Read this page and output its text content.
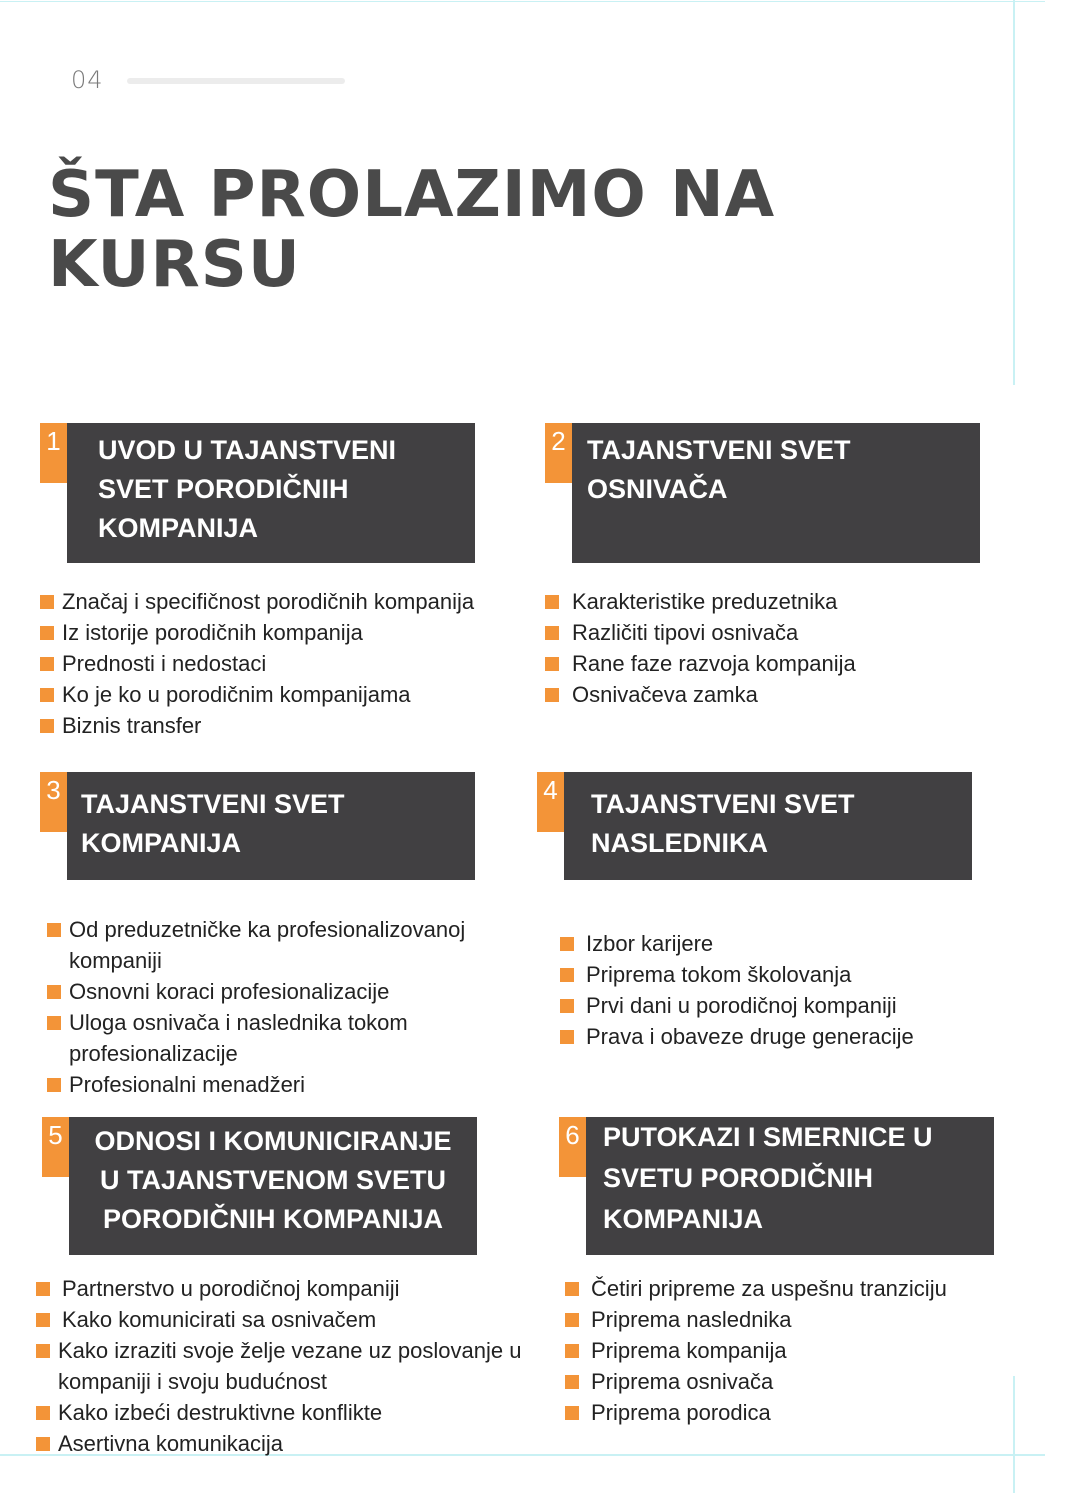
04
ŠTA PROLAZIMO NA
KURSU
1	UVOD U TAJANSTVENI
SVET PORODIČNIH
KOMPANIJA
Značaj i specifičnost porodičnih kompanija
Iz istorije porodičnih kompanija
Prednosti i nedostaci
Ko je ko u porodičnim kompanijama
Biznis transfer
2 TAJANSTVENI SVET
OSNIVAČA
Karakteristike preduzetnika
Različiti tipovi osnivača
Rane faze razvoja kompanija
Osnivačeva zamka
3 TAJANSTVENI SVET
KOMPANIJA
Od preduzetničke ka profesionalizovanoj kompaniji
Osnovni koraci profesionalizacije
Uloga osnivača i naslednika tokom profesionalizacije
Profesionalni menadžeri
4	TAJANSTVENI SVET
NASLEDNIKA
Izbor karijere
Priprema tokom školovanja
Prvi dani u porodičnoj kompaniji
Prava i obaveze druge generacije
5	ODNOSI I KOMUNICIRANJE
U TAJANSTVENOM SVETU
PORODIČNIH KOMPANIJA
Partnerstvo u porodičnoj kompaniji
Kako komunicirati sa osnivačem
Kako izraziti svoje želje vezane uz poslovanje u kompaniji i svoju budućnost
Kako izbeći destruktivne konflikte
Asertivna komunikacija
6 PUTOKAZI I SMERNICE U
SVETU PORODIČNIH
KOMPANIJA
Četiri pripreme za uspešnu tranziciju
Priprema naslednika
Priprema kompanija
Priprema osnivača
Priprema porodica
